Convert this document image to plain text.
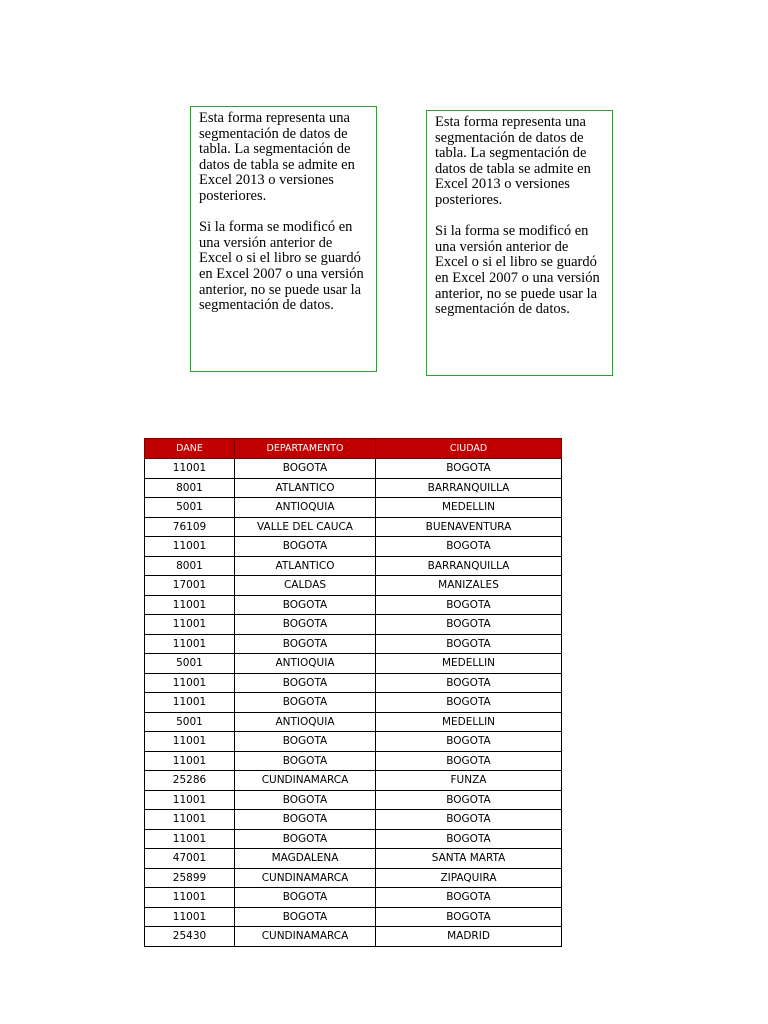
Esta forma representa una segmentación de datos de tabla. La segmentación de datos de tabla se admite en Excel 2013 o versiones posteriores.

Si la forma se modificó en una versión anterior de Excel o si el libro se guardó en Excel 2007 o una versión anterior, no se puede usar la segmentación de datos.

Esta forma representa una segmentación de datos de tabla. La segmentación de datos de tabla se admite en Excel 2013 o versiones posteriores.

Si la forma se modificó en una versión anterior de Excel o si el libro se guardó en Excel 2007 o una versión anterior, no se puede usar la segmentación de datos.

DANE	DEPARTAMENTO	CIUDAD
11001	BOGOTA	BOGOTA
8001	ATLANTICO	BARRANQUILLA
5001	ANTIOQUIA	MEDELLIN
76109	VALLE DEL CAUCA	BUENAVENTURA
11001	BOGOTA	BOGOTA
8001	ATLANTICO	BARRANQUILLA
17001	CALDAS	MANIZALES
11001	BOGOTA	BOGOTA
11001	BOGOTA	BOGOTA
11001	BOGOTA	BOGOTA
5001	ANTIOQUIA	MEDELLIN
11001	BOGOTA	BOGOTA
11001	BOGOTA	BOGOTA
5001	ANTIOQUIA	MEDELLIN
11001	BOGOTA	BOGOTA
11001	BOGOTA	BOGOTA
25286	CUNDINAMARCA	FUNZA
11001	BOGOTA	BOGOTA
11001	BOGOTA	BOGOTA
11001	BOGOTA	BOGOTA
47001	MAGDALENA	SANTA MARTA
25899	CUNDINAMARCA	ZIPAQUIRA
11001	BOGOTA	BOGOTA
11001	BOGOTA	BOGOTA
25430	CUNDINAMARCA	MADRID
